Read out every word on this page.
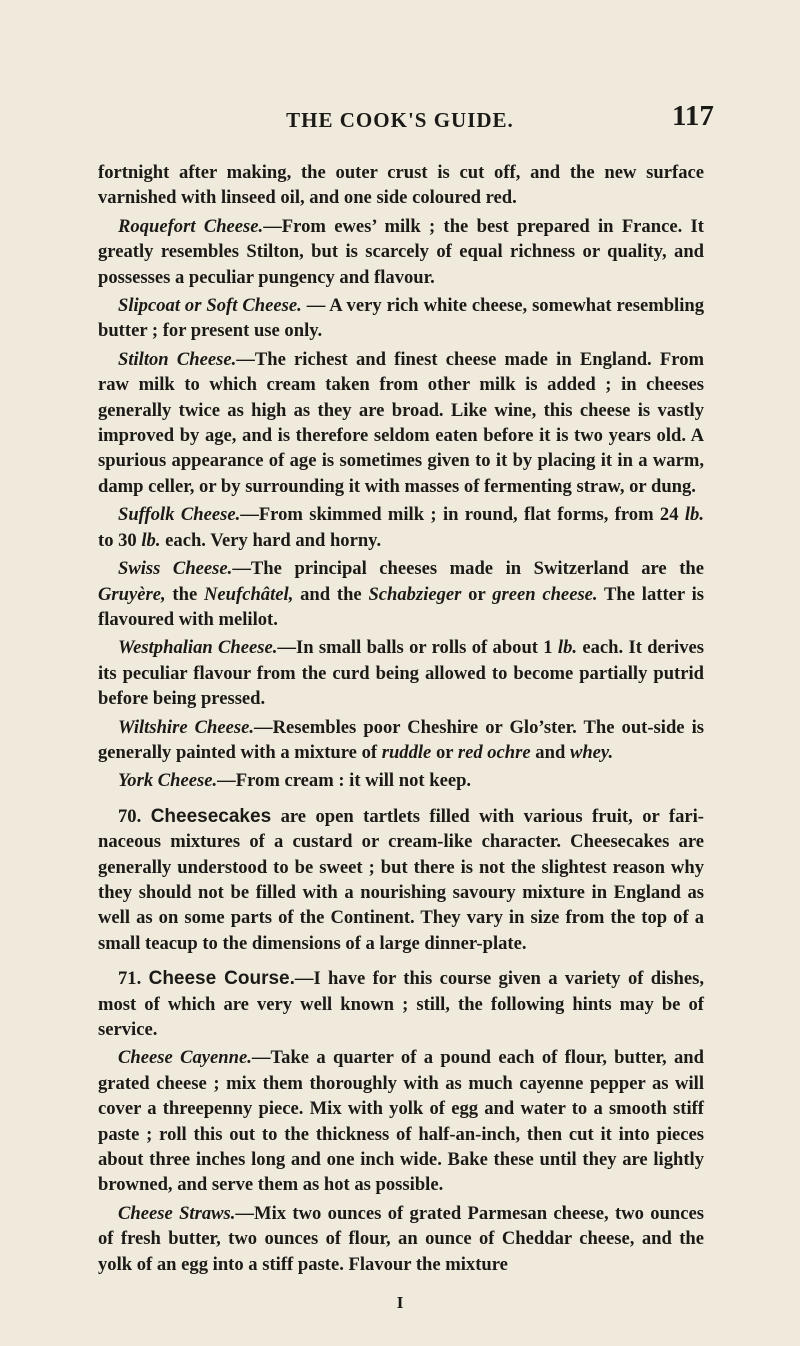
THE COOK'S GUIDE.	117

fortnight after making, the outer crust is cut off, and the new surface varnished with linseed oil, and one side coloured red.

Roquefort Cheese.—From ewes’ milk ; the best prepared in France. It greatly resembles Stilton, but is scarcely of equal richness or quality, and possesses a peculiar pungency and flavour.

Slipcoat or Soft Cheese. — A very rich white cheese, somewhat resembling butter ; for present use only.

Stilton Cheese.—The richest and finest cheese made in England. From raw milk to which cream taken from other milk is added ; in cheeses generally twice as high as they are broad. Like wine, this cheese is vastly improved by age, and is therefore seldom eaten before it is two years old. A spurious appearance of age is sometimes given to it by placing it in a warm, damp celler, or by surrounding it with masses of fermenting straw, or dung.

Suffolk Cheese.—From skimmed milk ; in round, flat forms, from 24 lb. to 30 lb. each. Very hard and horny.

Swiss Cheese.—The principal cheeses made in Switzerland are the Gruyère, the Neufchâtel, and the Schabzieger or green cheese. The latter is flavoured with melilot.

Westphalian Cheese.—In small balls or rolls of about 1 lb. each. It derives its peculiar flavour from the curd being allowed to become partially putrid before being pressed.

Wiltshire Cheese.—Resembles poor Cheshire or Glo’ster. The out-side is generally painted with a mixture of ruddle or red ochre and whey.

York Cheese.—From cream : it will not keep.

70. Cheesecakes are open tartlets filled with various fruit, or fari-naceous mixtures of a custard or cream-like character. Cheesecakes are generally understood to be sweet ; but there is not the slightest reason why they should not be filled with a nourishing savoury mixture in England as well as on some parts of the Continent. They vary in size from the top of a small teacup to the dimensions of a large dinner-plate.

71. Cheese Course.—I have for this course given a variety of dishes, most of which are very well known ; still, the following hints may be of service.

Cheese Cayenne.—Take a quarter of a pound each of flour, butter, and grated cheese ; mix them thoroughly with as much cayenne pepper as will cover a threepenny piece. Mix with yolk of egg and water to a smooth stiff paste ; roll this out to the thickness of half-an-inch, then cut it into pieces about three inches long and one inch wide. Bake these until they are lightly browned, and serve them as hot as possible.

Cheese Straws.—Mix two ounces of grated Parmesan cheese, two ounces of fresh butter, two ounces of flour, an ounce of Cheddar cheese, and the yolk of an egg into a stiff paste. Flavour the mixture

I
